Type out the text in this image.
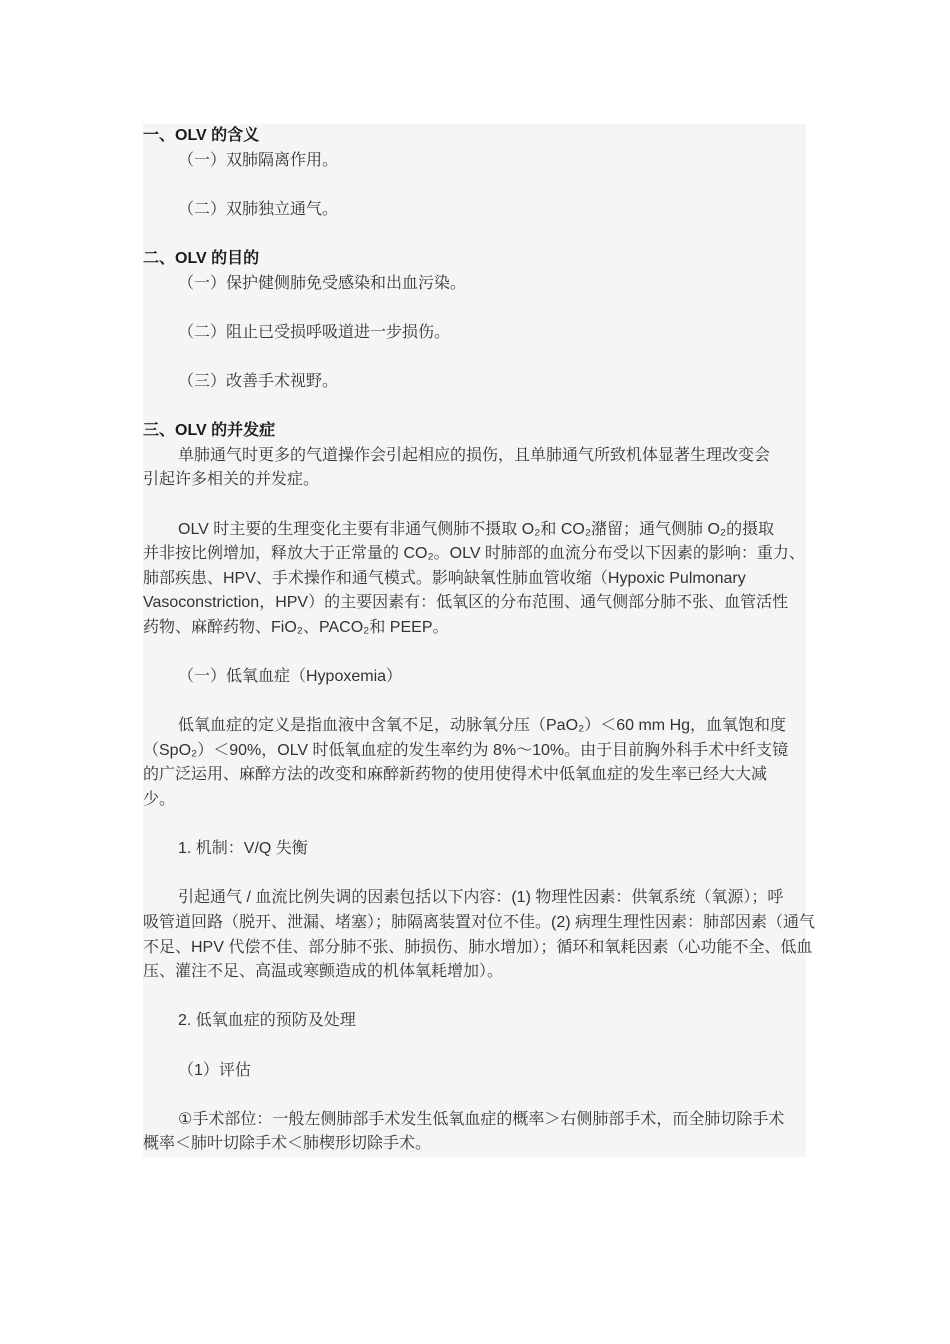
一、OLV 的含义
（一）双肺隔离作用。
（二）双肺独立通气。
二、OLV 的目的
（一）保护健侧肺免受感染和出血污染。
（二）阻止已受损呼吸道进一步损伤。
（三）改善手术视野。
三、OLV 的并发症
单肺通气时更多的气道操作会引起相应的损伤，且单肺通气所致机体显著生理改变会
引起许多相关的并发症。
OLV 时主要的生理变化主要有非通气侧肺不摄取 O₂和 CO₂潴留；通气侧肺 O₂的摄取
并非按比例增加，释放大于正常量的 CO₂。OLV 时肺部的血流分布受以下因素的影响：重力、
肺部疾患、HPV、手术操作和通气模式。影响缺氧性肺血管收缩（Hypoxic Pulmonary
Vasoconstriction，HPV）的主要因素有：低氧区的分布范围、通气侧部分肺不张、血管活性
药物、麻醉药物、FiO₂、PACO₂和 PEEP。
（一）低氧血症（Hypoxemia）
低氧血症的定义是指血液中含氧不足，动脉氧分压（PaO₂）＜60 mm Hg，血氧饱和度
（SpO₂）＜90%，OLV 时低氧血症的发生率约为 8%～10%。由于目前胸外科手术中纤支镜
的广泛运用、麻醉方法的改变和麻醉新药物的使用使得术中低氧血症的发生率已经大大减
少。
1. 机制：V/Q 失衡
引起通气 / 血流比例失调的因素包括以下内容：(1) 物理性因素：供氧系统（氧源）；呼
吸管道回路（脱开、泄漏、堵塞）；肺隔离装置对位不佳。(2) 病理生理性因素：肺部因素（通气
不足、HPV 代偿不佳、部分肺不张、肺损伤、肺水增加）；循环和氧耗因素（心功能不全、低血
压、灌注不足、高温或寒颤造成的机体氧耗增加）。
2. 低氧血症的预防及处理
（1）评估
①手术部位：一般左侧肺部手术发生低氧血症的概率＞右侧肺部手术，而全肺切除手术
概率＜肺叶切除手术＜肺楔形切除手术。
